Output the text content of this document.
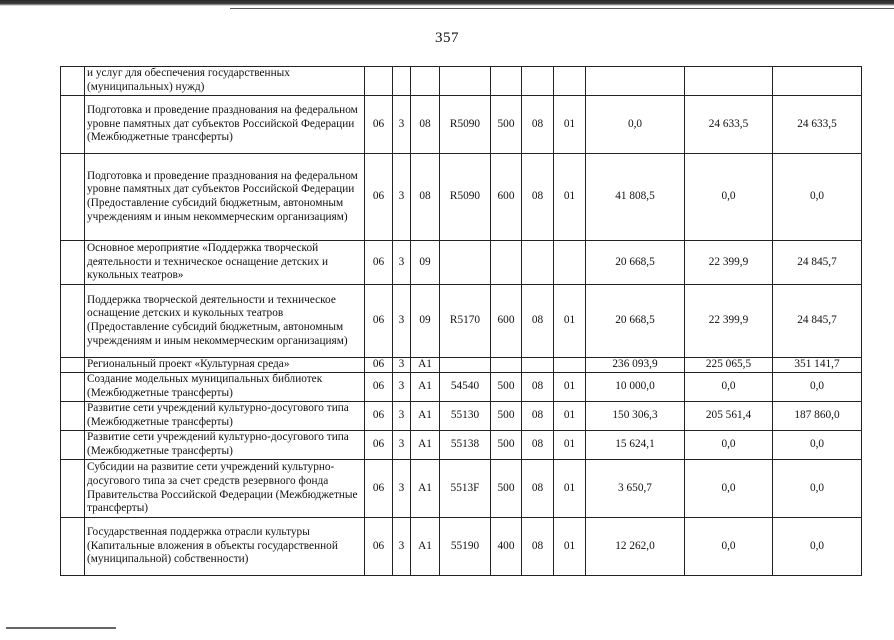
357
	и услуг для обеспечения государственных (муниципальных) нужд)										
	Подготовка и проведение празднования на федеральном уровне памятных дат субъектов Российской Федерации (Межбюджетные трансферты)	06	3	08	R5090	500	08	01	0,0	24 633,5	24 633,5
	Подготовка и проведение празднования на федеральном уровне памятных дат субъектов Российской Федерации (Предоставление субсидий бюджетным, автономным учреждениям и иным некоммерческим организациям)	06	3	08	R5090	600	08	01	41 808,5	0,0	0,0
	Основное мероприятие «Поддержка творческой деятельности и техническое оснащение детских и кукольных театров»	06	3	09					20 668,5	22 399,9	24 845,7
	Поддержка творческой деятельности и техническое оснащение детских и кукольных театров (Предоставление субсидий бюджетным, автономным учреждениям и иным некоммерческим организациям)	06	3	09	R5170	600	08	01	20 668,5	22 399,9	24 845,7
	Региональный проект «Культурная среда»	06	3	A1					236 093,9	225 065,5	351 141,7
	Создание модельных муниципальных библиотек (Межбюджетные трансферты)	06	3	A1	54540	500	08	01	10 000,0	0,0	0,0
	Развитие сети учреждений культурно-досугового типа (Межбюджетные трансферты)	06	3	A1	55130	500	08	01	150 306,3	205 561,4	187 860,0
	Развитие сети учреждений культурно-досугового типа (Межбюджетные трансферты)	06	3	A1	55138	500	08	01	15 624,1	0,0	0,0
	Субсидии на развитие сети учреждений культурно-досугового типа за счет средств резервного фонда Правительства Российской Федерации (Межбюджетные трансферты)	06	3	A1	5513F	500	08	01	3 650,7	0,0	0,0
	Государственная поддержка отрасли культуры (Капитальные вложения в объекты государственной (муниципальной) собственности)	06	3	A1	55190	400	08	01	12 262,0	0,0	0,0
